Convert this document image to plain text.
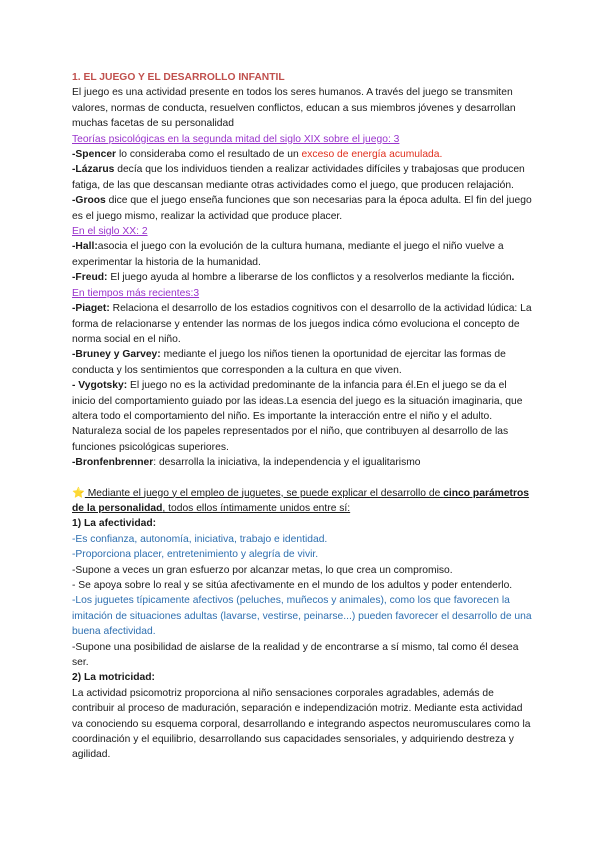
1. EL JUEGO Y EL DESARROLLO INFANTIL

El juego es una actividad presente en todos los seres humanos. A través del juego se transmiten valores, normas de conducta, resuelven conflictos, educan a sus miembros jóvenes y desarrollan muchas facetas de su personalidad

Teorías psicológicas en la segunda mitad del siglo XIX sobre el juego: 3

-Spencer lo consideraba como el resultado de un exceso de energía acumulada.

-Lázarus decía que los individuos tienden a realizar actividades difíciles y trabajosas que producen fatiga, de las que descansan mediante otras actividades como el juego, que producen relajación.

-Groos dice que el juego enseña funciones que son necesarias para la época adulta. El fin del juego es el juego mismo, realizar la actividad que produce placer.

En el siglo XX: 2

-Hall:asocia el juego con la evolución de la cultura humana, mediante el juego el niño vuelve a experimentar la historia de la humanidad.

-Freud: El juego ayuda al hombre a liberarse de los conflictos y a resolverlos mediante la ficción.

En tiempos más recientes:3

-Piaget: Relaciona el desarrollo de los estadios cognitivos con el desarrollo de la actividad lúdica: La forma de relacionarse y entender las normas de los juegos indica cómo evoluciona el concepto de norma social en el niño.

-Bruney y Garvey: mediante el juego los niños tienen la oportunidad de ejercitar las formas de conducta y los sentimientos que corresponden a la cultura en que viven.

- Vygotsky: El juego no es la actividad predominante de la infancia para él.En el juego se da el inicio del comportamiento guiado por las ideas.La esencia del juego es la situación imaginaria, que altera todo el comportamiento del niño. Es importante la interacción entre el niño y el adulto. Naturaleza social de los papeles representados por el niño, que contribuyen al desarrollo de las funciones psicológicas superiores.

-Bronfenbrenner: desarrolla la iniciativa, la independencia y el igualitarismo

⭐ Mediante el juego y el empleo de juguetes, se puede explicar el desarrollo de cinco parámetros de la personalidad, todos ellos íntimamente unidos entre sí:

1) La afectividad:

-Es confianza, autonomía, iniciativa, trabajo e identidad.

-Proporciona placer, entretenimiento y alegría de vivir.

-Supone a veces un gran esfuerzo por alcanzar metas, lo que crea un compromiso.

- Se apoya sobre lo real y se sitúa afectivamente en el mundo de los adultos y poder entenderlo.

-Los juguetes típicamente afectivos (peluches, muñecos y animales), como los que favorecen la imitación de situaciones adultas (lavarse, vestirse, peinarse...) pueden favorecer el desarrollo de una buena afectividad.

-Supone una posibilidad de aislarse de la realidad y de encontrarse a sí mismo, tal como él desea ser.

2) La motricidad:

La actividad psicomotriz proporciona al niño sensaciones corporales agradables, además de contribuir al proceso de maduración, separación e independización motriz. Mediante esta actividad va conociendo su esquema corporal, desarrollando e integrando aspectos neuromusculares como la coordinación y el equilibrio, desarrollando sus capacidades sensoriales, y adquiriendo destreza y agilidad.
